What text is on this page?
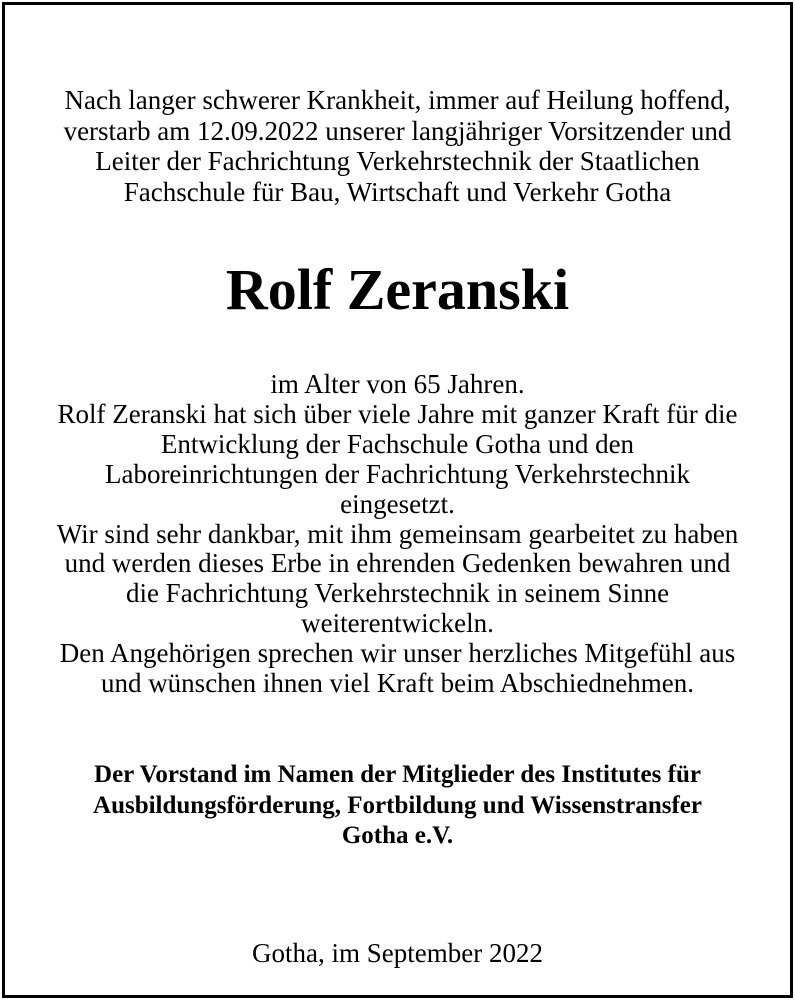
Nach langer schwerer Krankheit, immer auf Heilung hoffend,
verstarb am 12.09.2022 unserer langjähriger Vorsitzender und
Leiter der Fachrichtung Verkehrstechnik der Staatlichen
Fachschule für Bau, Wirtschaft und Verkehr Gotha
Rolf Zeranski
im Alter von 65 Jahren.
Rolf Zeranski hat sich über viele Jahre mit ganzer Kraft für die
Entwicklung der Fachschule Gotha und den
Laboreinrichtungen der Fachrichtung Verkehrstechnik
eingesetzt.
Wir sind sehr dankbar, mit ihm gemeinsam gearbeitet zu haben
und werden dieses Erbe in ehrenden Gedenken bewahren und
die Fachrichtung Verkehrstechnik in seinem Sinne
weiterentwickeln.
Den Angehörigen sprechen wir unser herzliches Mitgefühl aus
und wünschen ihnen viel Kraft beim Abschiednehmen.
Der Vorstand im Namen der Mitglieder des Institutes für
Ausbildungsförderung, Fortbildung und Wissenstransfer
Gotha e.V.
Gotha, im September 2022
